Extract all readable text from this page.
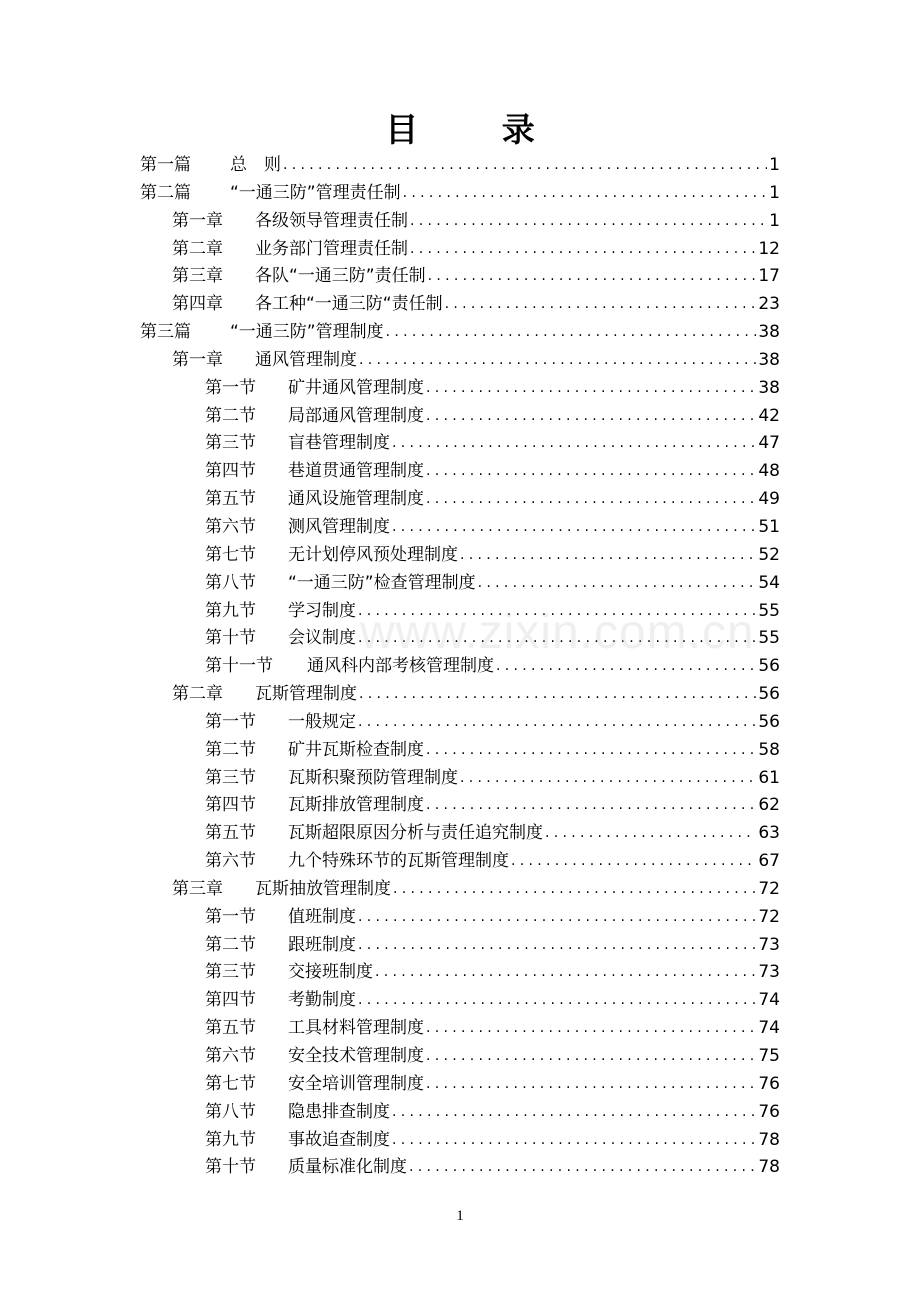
目 录
第一篇	总　则 .....	1
第二篇	“一通三防”管理责任制 .....	1
第一章	各级领导管理责任制 .....	1
第二章	业务部门管理责任制 .....	12
第三章	各队“一通三防”责任制 .....	17
第四章	各工种“一通三防“责任制 .....	23
第三篇	“一通三防”管理制度 .....	38
第一章	通风管理制度 .....	38
第一节	矿井通风管理制度 .....	38
第二节	局部通风管理制度 .....	42
第三节	盲巷管理制度 .....	47
第四节	巷道贯通管理制度 .....	48
第五节	通风设施管理制度 .....	49
第六节	测风管理制度 .....	51
第七节	无计划停风预处理制度 .....	52
第八节	“一通三防”检查管理制度 .....	54
第九节	学习制度 .....	55
第十节	会议制度 .....	55
第十一节	通风科内部考核管理制度 .....	56
第二章	瓦斯管理制度 .....	56
第一节	一般规定 .....	56
第二节	矿井瓦斯检查制度 .....	58
第三节	瓦斯积聚预防管理制度 .....	61
第四节	瓦斯排放管理制度 .....	62
第五节	瓦斯超限原因分析与责任追究制度 .....	63
第六节	九个特殊环节的瓦斯管理制度 .....	67
第三章	瓦斯抽放管理制度 .....	72
第一节	值班制度 .....	72
第二节	跟班制度 .....	73
第三节	交接班制度 .....	73
第四节	考勤制度 .....	74
第五节	工具材料管理制度 .....	74
第六节	安全技术管理制度 .....	75
第七节	安全培训管理制度 .....	76
第八节	隐患排查制度 .....	76
第九节	事故追查制度 .....	78
第十节	质量标准化制度 .....	78
www.zixin.com.cn
1
